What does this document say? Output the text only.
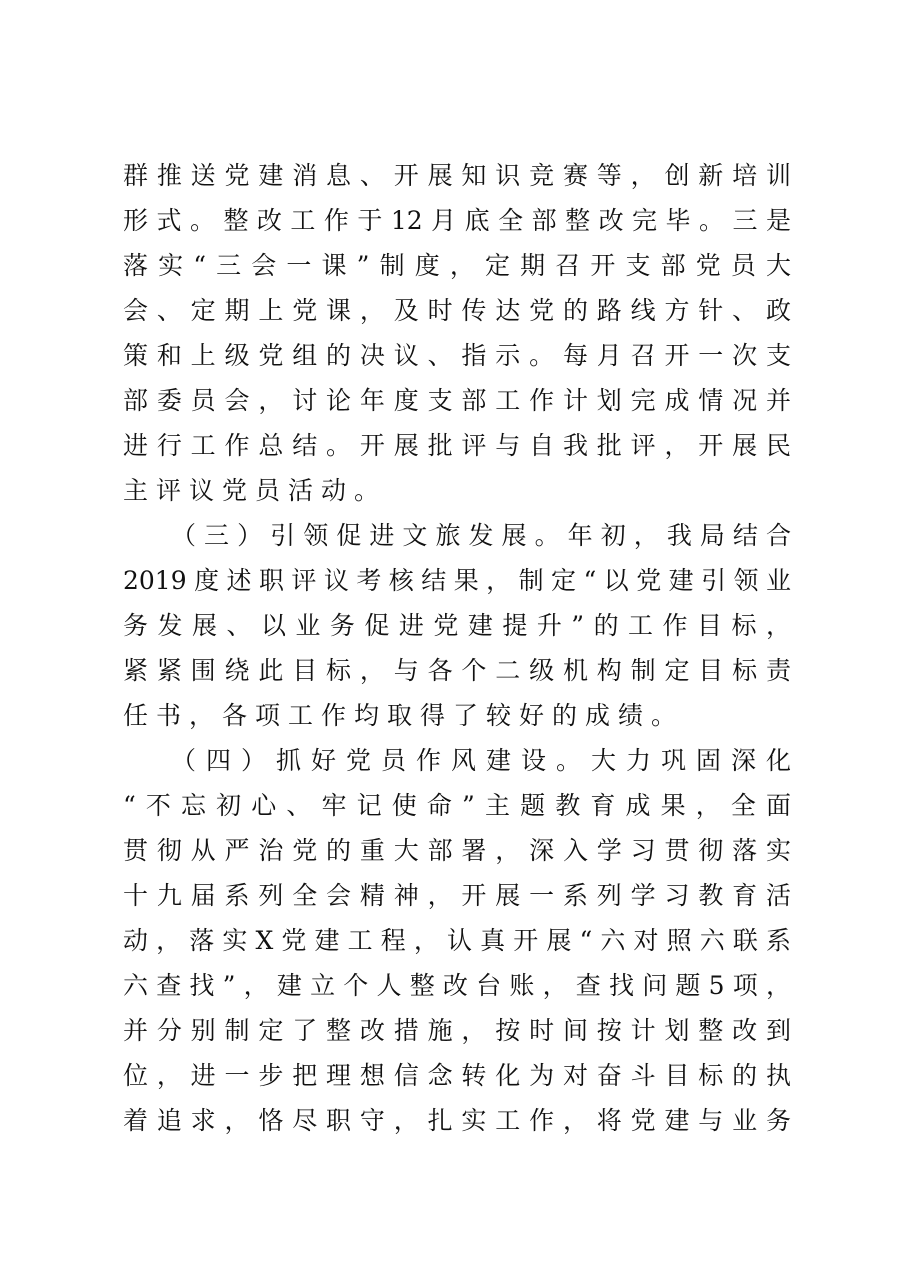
群推送党建消息、开展知识竞赛等，创新培训
形式。整改工作于12月底全部整改完毕。三是
落实“三会一课”制度，定期召开支部党员大
会、定期上党课，及时传达党的路线方针、政
策和上级党组的决议、指示。每月召开一次支
部委员会，讨论年度支部工作计划完成情况并
进行工作总结。开展批评与自我批评，开展民
主评议党员活动。
（三）引领促进文旅发展。年初，我局结合
2019度述职评议考核结果，制定“以党建引领业
务发展、以业务促进党建提升”的工作目标，
紧紧围绕此目标，与各个二级机构制定目标责
任书，各项工作均取得了较好的成绩。
（四）抓好党员作风建设。大力巩固深化
“不忘初心、牢记使命”主题教育成果，全面
贯彻从严治党的重大部署，深入学习贯彻落实
十九届系列全会精神，开展一系列学习教育活
动，落实X党建工程，认真开展“六对照六联系
六查找”，建立个人整改台账，查找问题5项，
并分别制定了整改措施，按时间按计划整改到
位，进一步把理想信念转化为对奋斗目标的执
着追求，恪尽职守，扎实工作，将党建与业务
